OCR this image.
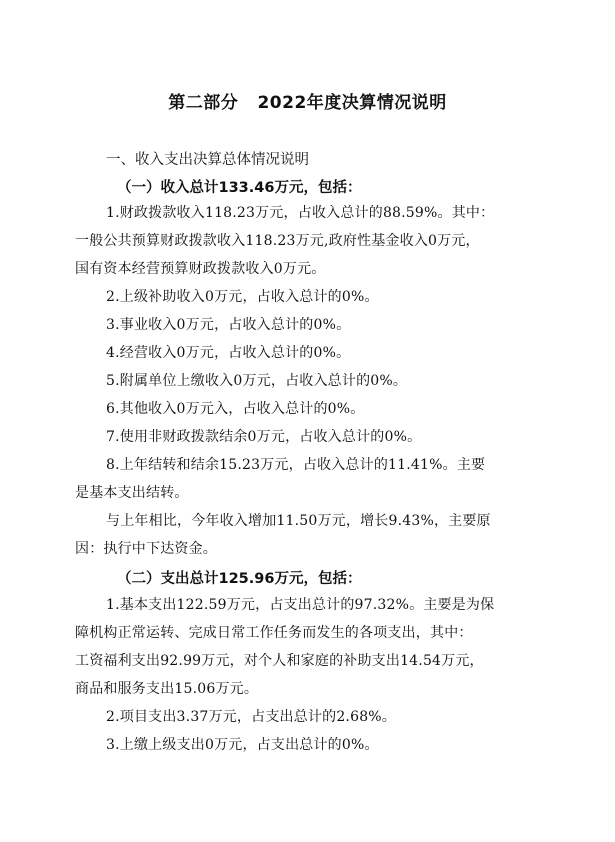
第二部分   2022年度决算情况说明
一、收入支出决算总体情况说明
（一）收入总计133.46万元，包括：
1.财政拨款收入118.23万元，占收入总计的88.59%。其中：
一般公共预算财政拨款收入118.23万元,政府性基金收入0万元，
国有资本经营预算财政拨款收入0万元。
2.上级补助收入0万元，占收入总计的0%。
3.事业收入0万元，占收入总计的0%。
4.经营收入0万元，占收入总计的0%。
5.附属单位上缴收入0万元，占收入总计的0%。
6.其他收入0万元入，占收入总计的0%。
7.使用非财政拨款结余0万元，占收入总计的0%。
8.上年结转和结余15.23万元，占收入总计的11.41%。主要
是基本支出结转。
与上年相比，今年收入增加11.50万元，增长9.43%，主要原
因：执行中下达资金。
（二）支出总计125.96万元，包括：
1.基本支出122.59万元，占支出总计的97.32%。主要是为保
障机构正常运转、完成日常工作任务而发生的各项支出，其中：
工资福利支出92.99万元，对个人和家庭的补助支出14.54万元，
商品和服务支出15.06万元。
2.项目支出3.37万元，占支出总计的2.68%。
3.上缴上级支出0万元，占支出总计的0%。
